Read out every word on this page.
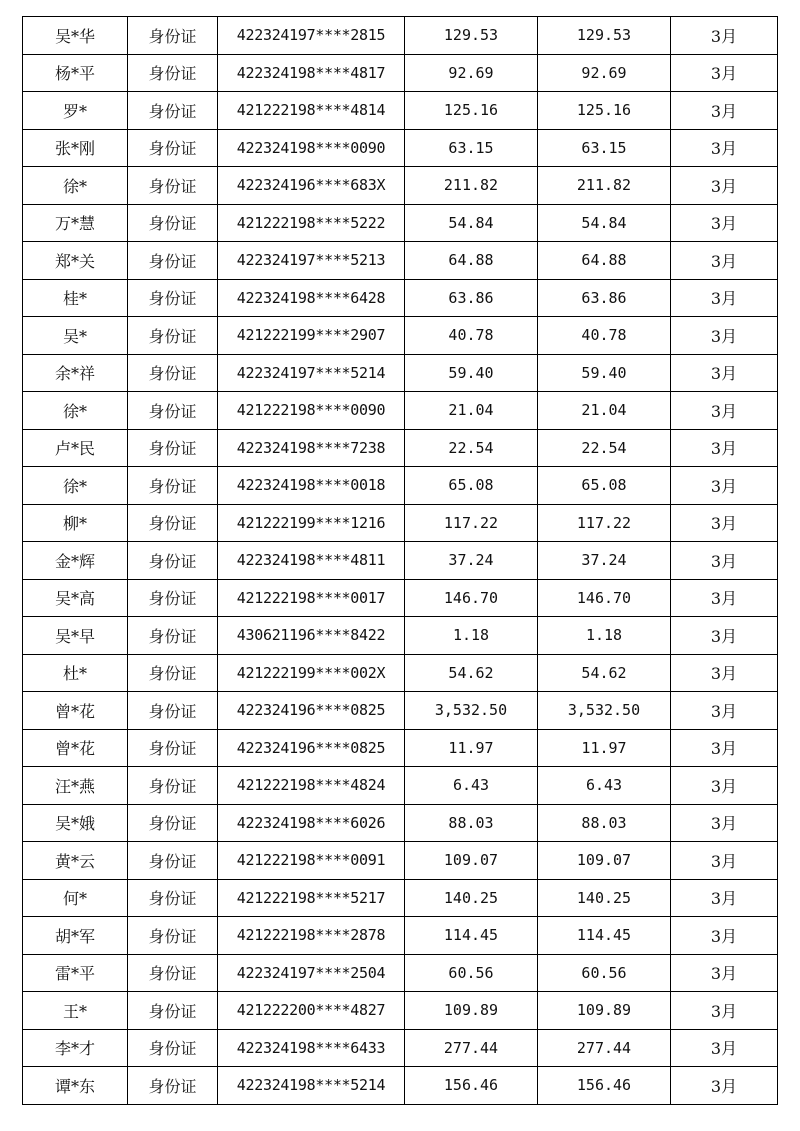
吴*华	身份证	422324197****2815	129.53	129.53	3月
杨*平	身份证	422324198****4817	92.69	92.69	3月
罗*	身份证	421222198****4814	125.16	125.16	3月
张*刚	身份证	422324198****0090	63.15	63.15	3月
徐*	身份证	422324196****683X	211.82	211.82	3月
万*慧	身份证	421222198****5222	54.84	54.84	3月
郑*关	身份证	422324197****5213	64.88	64.88	3月
桂*	身份证	422324198****6428	63.86	63.86	3月
吴*	身份证	421222199****2907	40.78	40.78	3月
余*祥	身份证	422324197****5214	59.40	59.40	3月
徐*	身份证	421222198****0090	21.04	21.04	3月
卢*民	身份证	422324198****7238	22.54	22.54	3月
徐*	身份证	422324198****0018	65.08	65.08	3月
柳*	身份证	421222199****1216	117.22	117.22	3月
金*辉	身份证	422324198****4811	37.24	37.24	3月
吴*高	身份证	421222198****0017	146.70	146.70	3月
吴*早	身份证	430621196****8422	1.18	1.18	3月
杜*	身份证	421222199****002X	54.62	54.62	3月
曾*花	身份证	422324196****0825	3,532.50	3,532.50	3月
曾*花	身份证	422324196****0825	11.97	11.97	3月
汪*燕	身份证	421222198****4824	6.43	6.43	3月
吴*娥	身份证	422324198****6026	88.03	88.03	3月
黄*云	身份证	421222198****0091	109.07	109.07	3月
何*	身份证	421222198****5217	140.25	140.25	3月
胡*军	身份证	421222198****2878	114.45	114.45	3月
雷*平	身份证	422324197****2504	60.56	60.56	3月
王*	身份证	421222200****4827	109.89	109.89	3月
李*才	身份证	422324198****6433	277.44	277.44	3月
谭*东	身份证	422324198****5214	156.46	156.46	3月
